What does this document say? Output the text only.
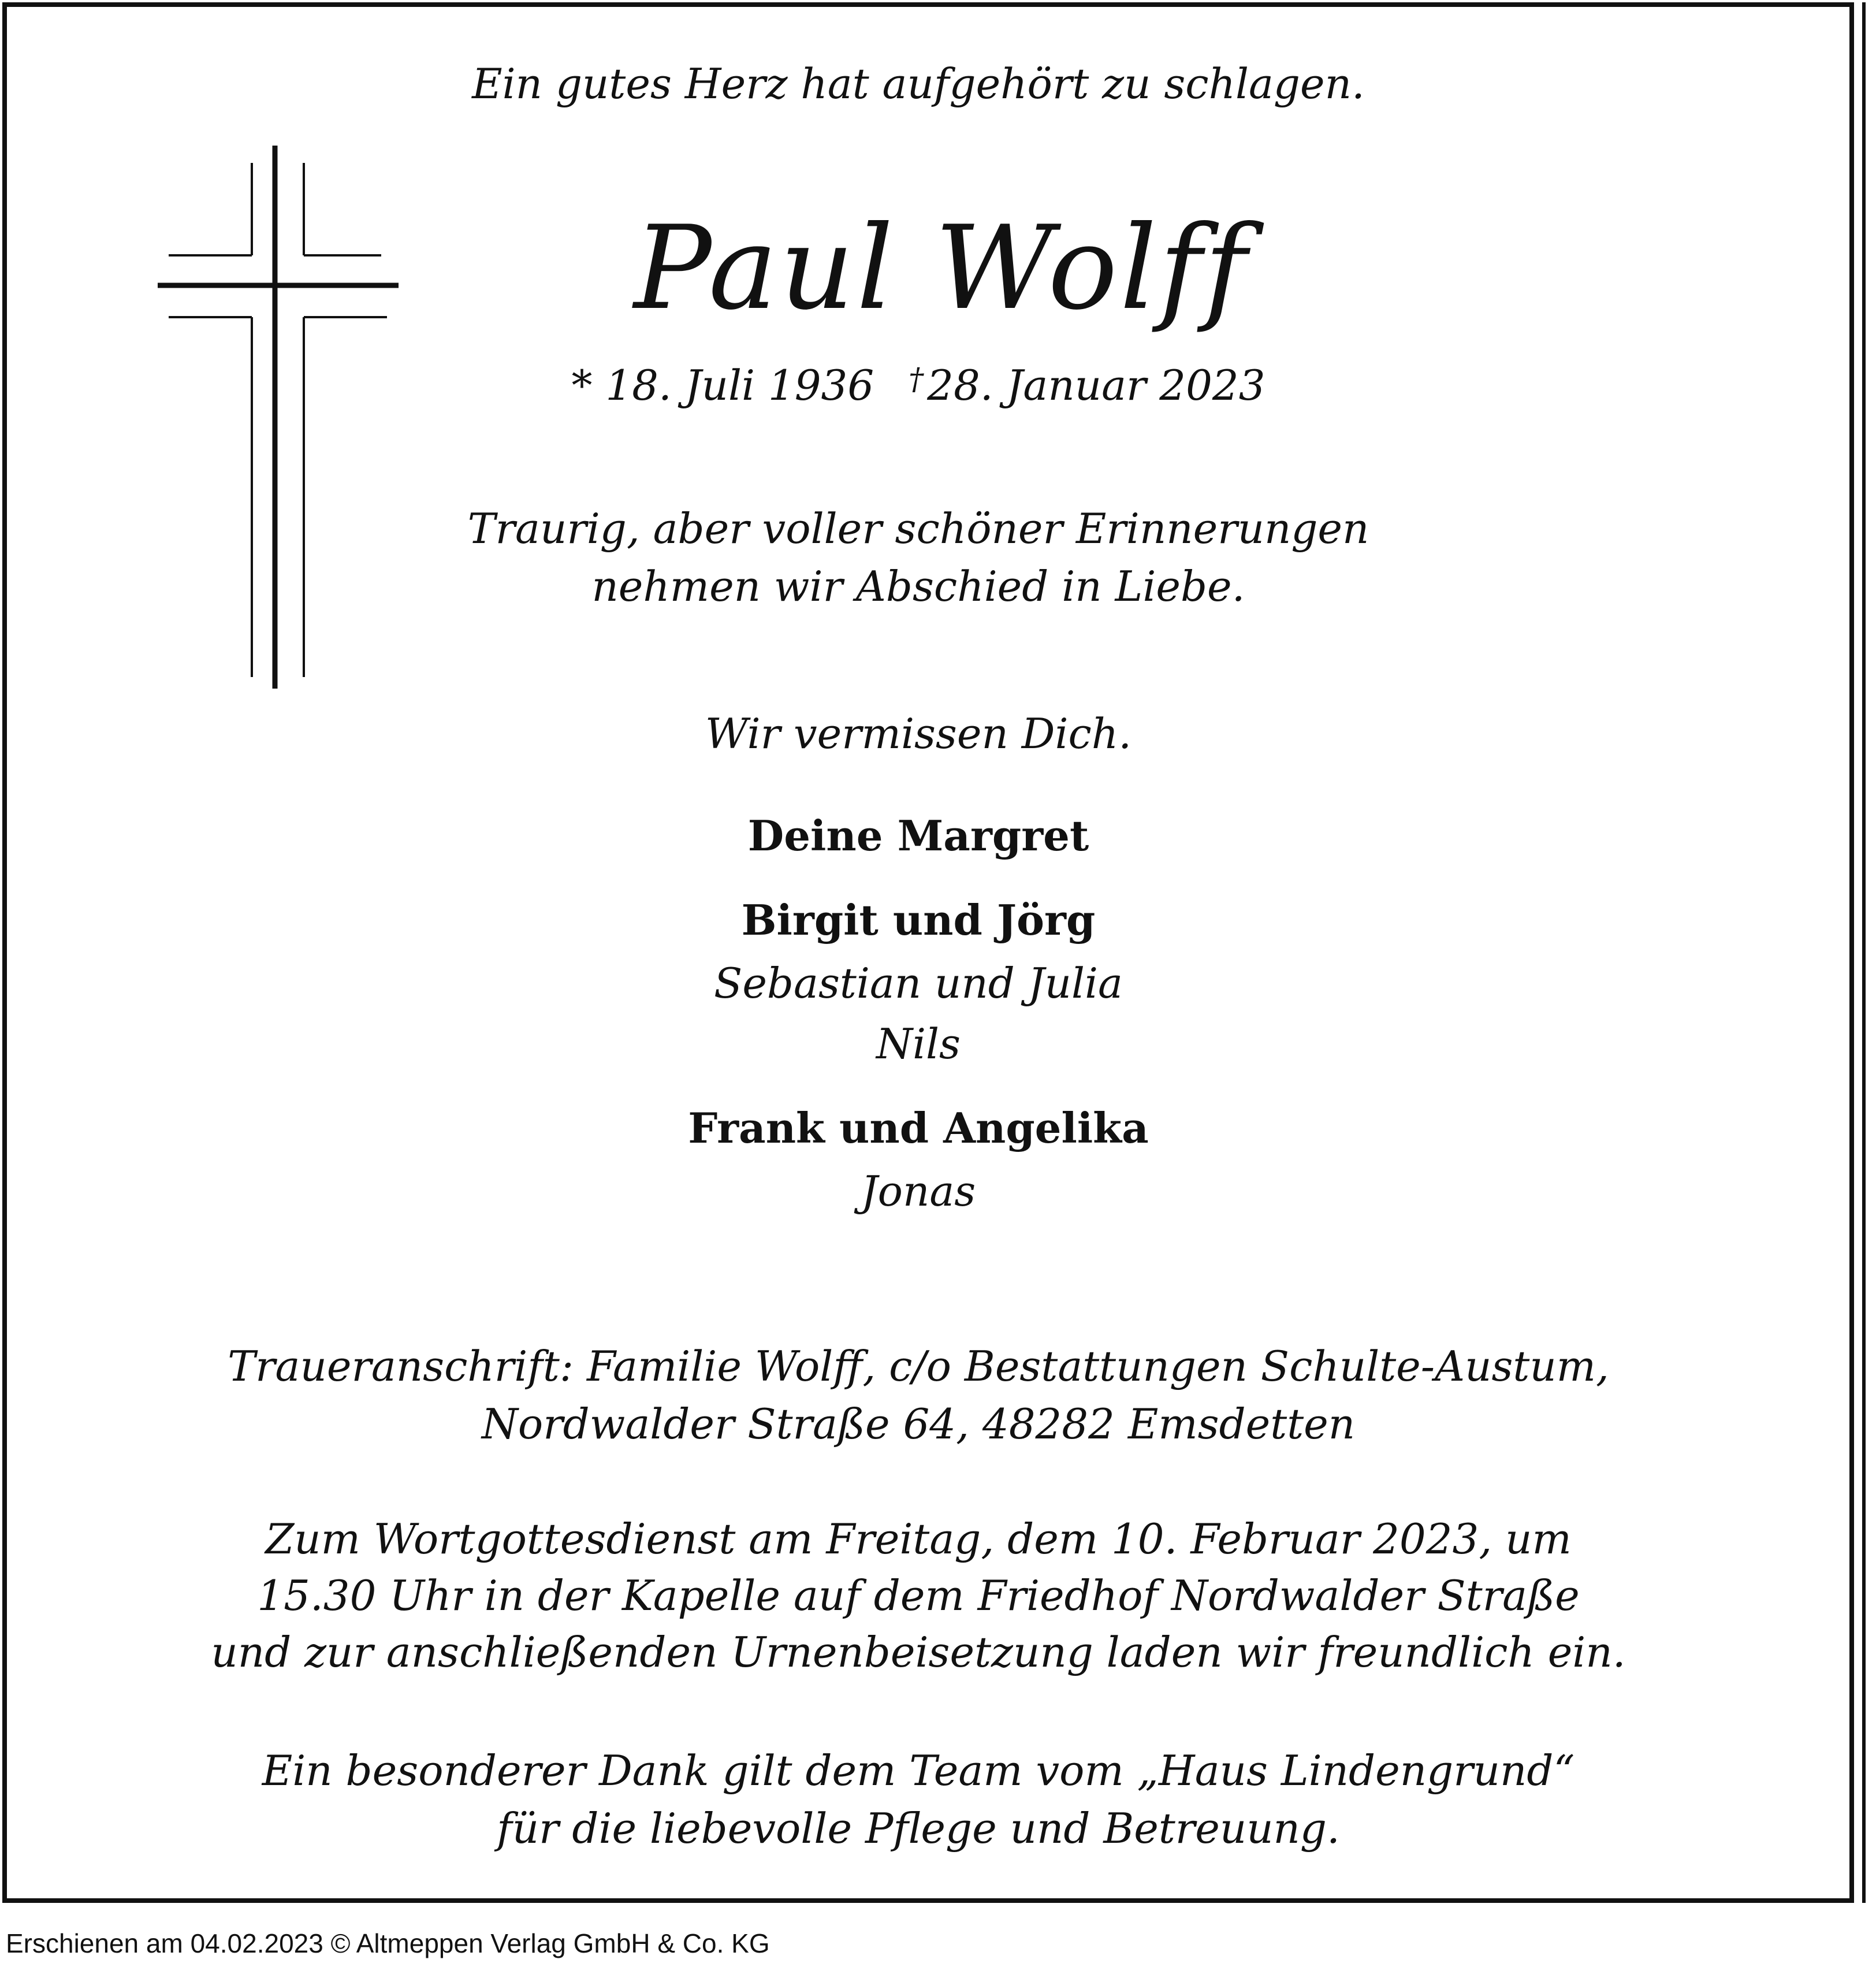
Ein gutes Herz hat aufgehört zu schlagen.
Paul Wolff
* 18. Juli 1936 †28. Januar 2023
Traurig, aber voller schöner Erinnerungen
nehmen wir Abschied in Liebe.
Wir vermissen Dich.
Deine Margret
Birgit und Jörg
Sebastian und Julia
Nils
Frank und Angelika
Jonas
Traueranschrift: Familie Wolff, c/o Bestattungen Schulte-Austum,
Nordwalder Straße 64, 48282 Emsdetten
Zum Wortgottesdienst am Freitag, dem 10. Februar 2023, um
15.30 Uhr in der Kapelle auf dem Friedhof Nordwalder Straße
und zur anschließenden Urnenbeisetzung laden wir freundlich ein.
Ein besonderer Dank gilt dem Team vom „Haus Lindengrund“
für die liebevolle Pflege und Betreuung.
Erschienen am 04.02.2023 © Altmeppen Verlag GmbH & Co. KG
